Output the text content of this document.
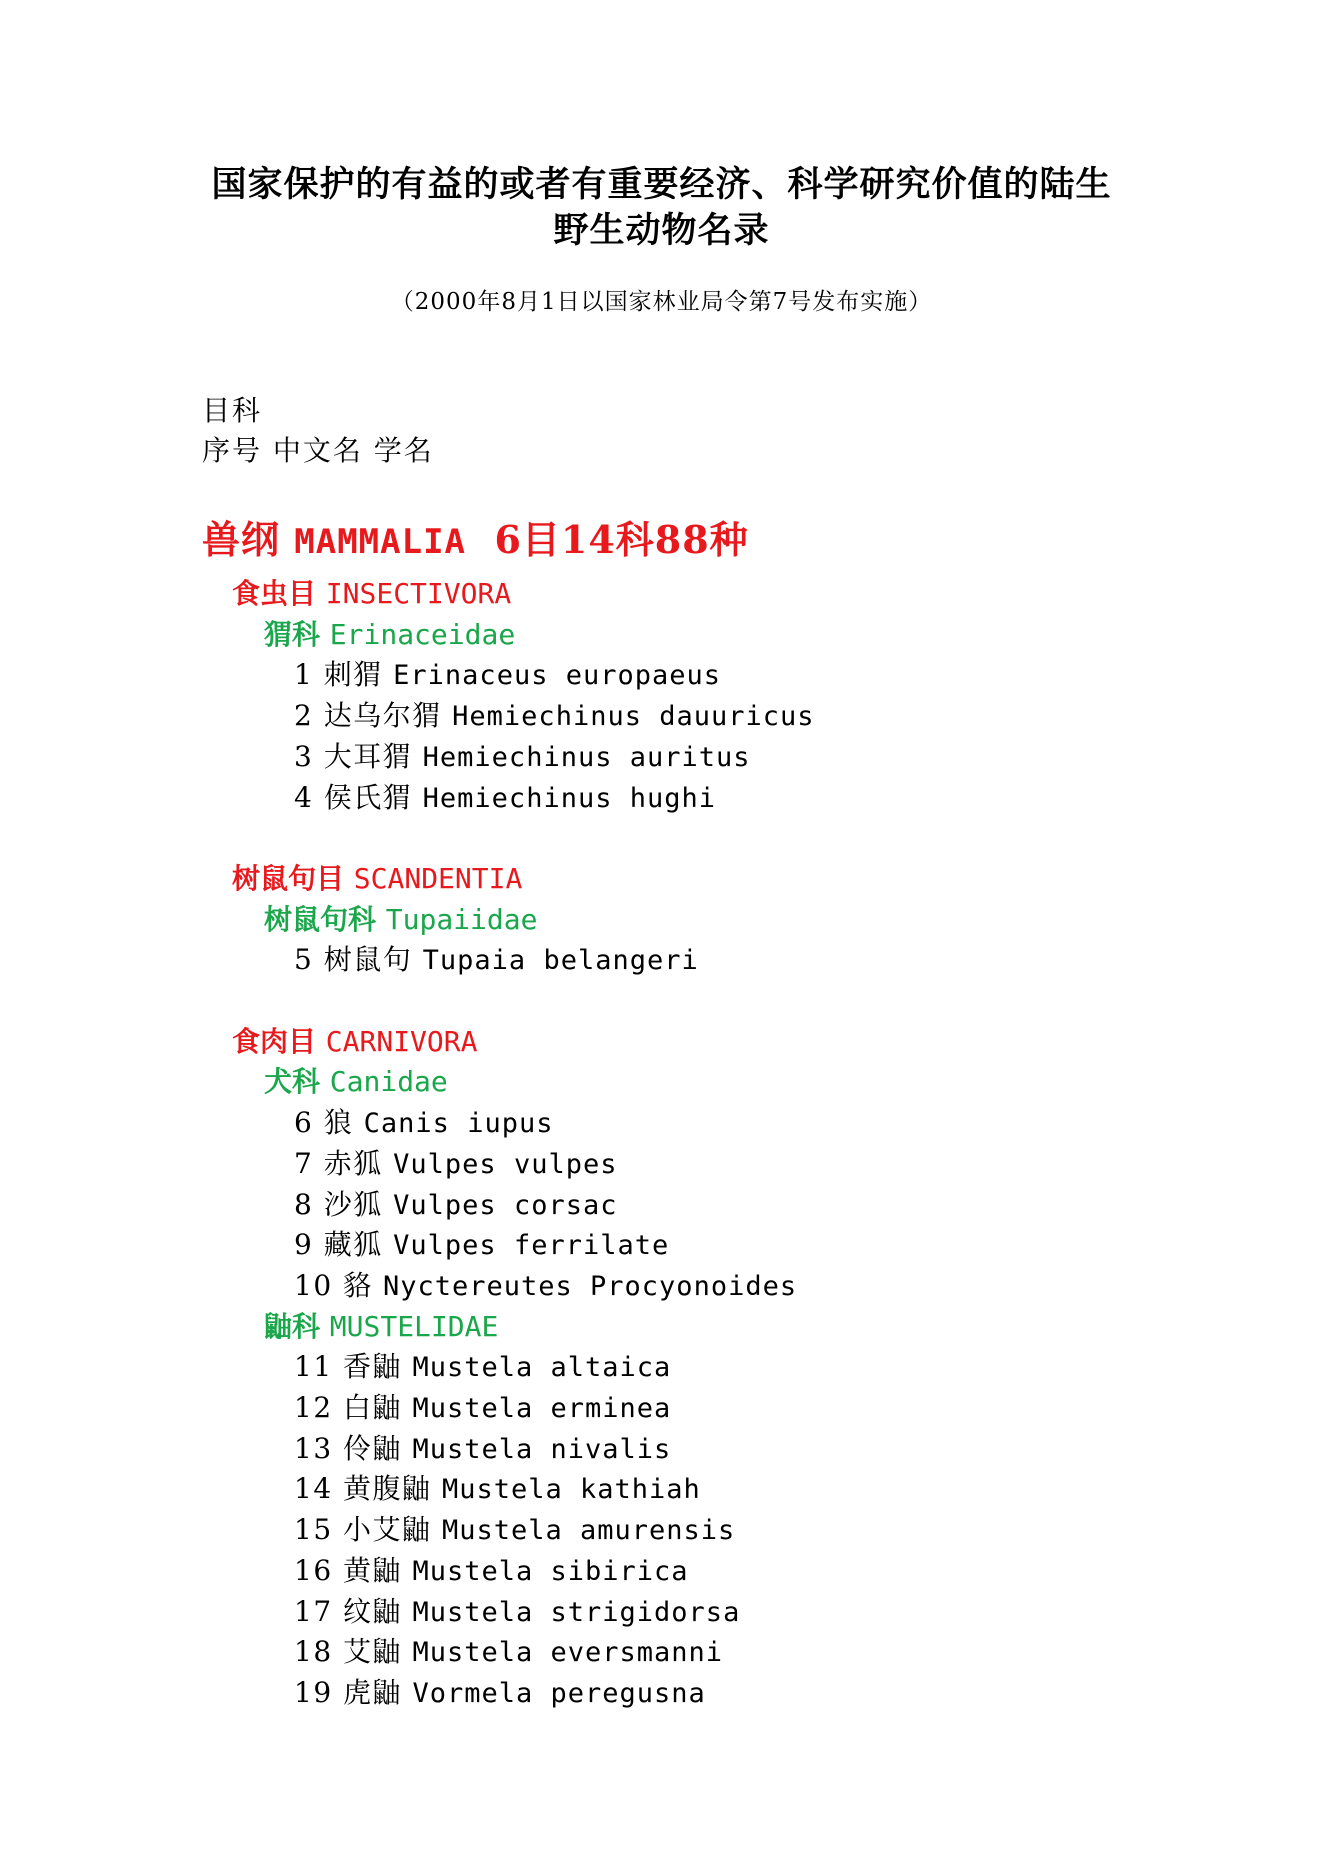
国家保护的有益的或者有重要经济、科学研究价值的陆生
野生动物名录
（2000年8月1日以国家林业局令第7号发布实施）
目科
序号 中文名 学名
兽纲 MAMMALIA  6目14科88种
食虫目 INSECTIVORA
猬科 Erinaceidae
1 刺猬 Erinaceus europaeus
2 达乌尔猬 Hemiechinus dauuricus
3 大耳猬 Hemiechinus auritus
4 侯氏猬 Hemiechinus hughi
树鼠句目 SCANDENTIA
树鼠句科 Tupaiidae
5 树鼠句 Tupaia belangeri
食肉目 CARNIVORA
犬科 Canidae
6 狼 Canis iupus
7 赤狐 Vulpes vulpes
8 沙狐 Vulpes corsac
9 藏狐 Vulpes ferrilate
10 貉 Nyctereutes Procyonoides
鼬科 MUSTELIDAE
11 香鼬 Mustela altaica
12 白鼬 Mustela erminea
13 伶鼬 Mustela nivalis
14 黄腹鼬 Mustela kathiah
15 小艾鼬 Mustela amurensis
16 黄鼬 Mustela sibirica
17 纹鼬 Mustela strigidorsa
18 艾鼬 Mustela eversmanni
19 虎鼬 Vormela peregusna
